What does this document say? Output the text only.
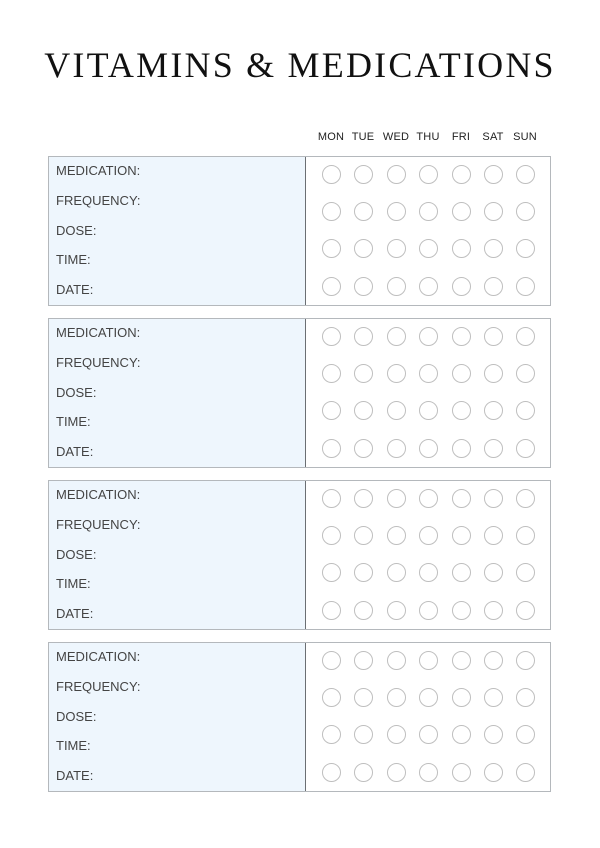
VITAMINS & MEDICATIONS
MON TUE WED THU	FRI	SAT SUN
MEDICATION:
FREQUENCY:
DOSE:
TIME:
DATE:
MEDICATION:
FREQUENCY:
DOSE:
TIME:
DATE:
MEDICATION:
FREQUENCY:
DOSE:
TIME:
DATE:
MEDICATION:
FREQUENCY:
DOSE:
TIME:
DATE:
